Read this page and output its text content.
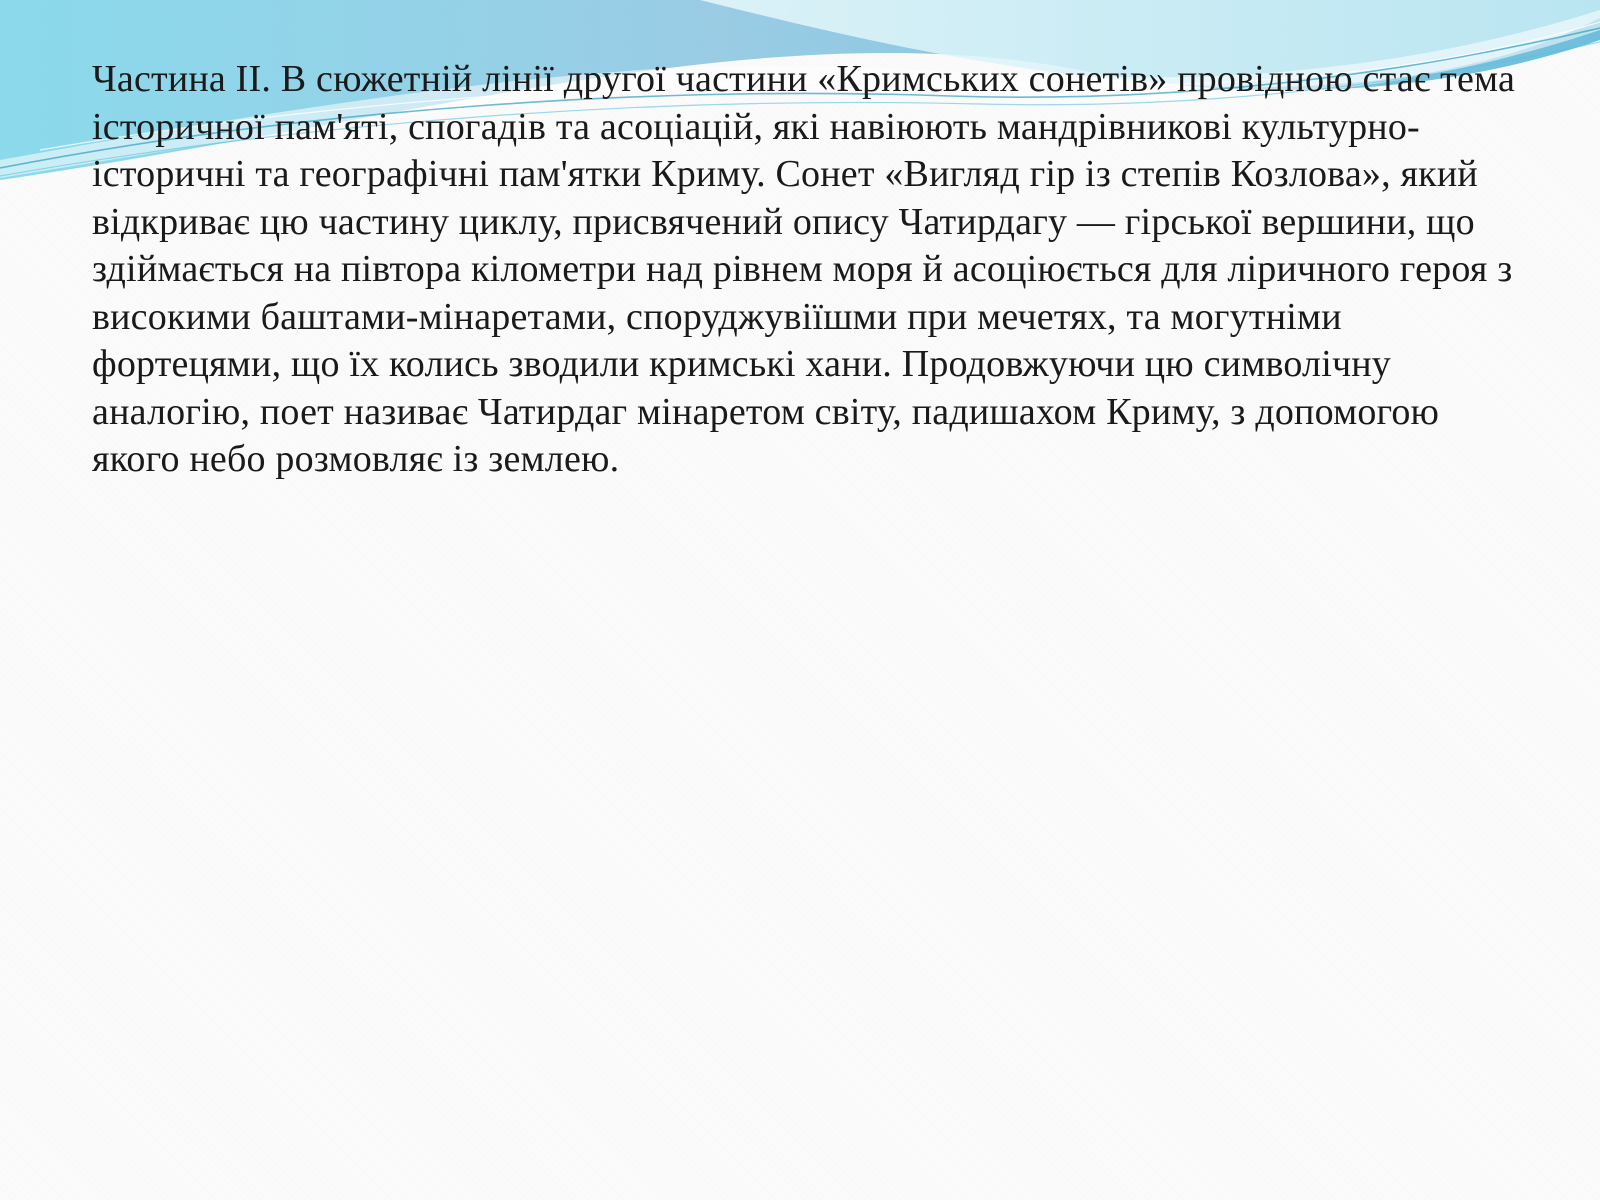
Частина ІІ. В сюжетній лінії другої частини «Кримських сонетів» провідною стає тема історичної пам'яті, спогадів та асоціацій, які навіюють мандрівникові культурно-історичні та географічні пам'ятки Криму. Сонет «Вигляд гір із степів Козлова», який відкриває цю частину циклу, присвячений опису Чатирдагу — гірської вершини, що здіймається на півтора кілометри над рівнем моря й асоціюється для ліричного героя з високими баштами-мінаретами, споруджувіїшми при мечетях, та могутніми фортецями, що їх колись зводили кримські хани. Продовжуючи цю символічну аналогію, поет називає Чатирдаг мінаретом світу, падишахом Криму, з допомогою якого небо розмовляє із землею.
